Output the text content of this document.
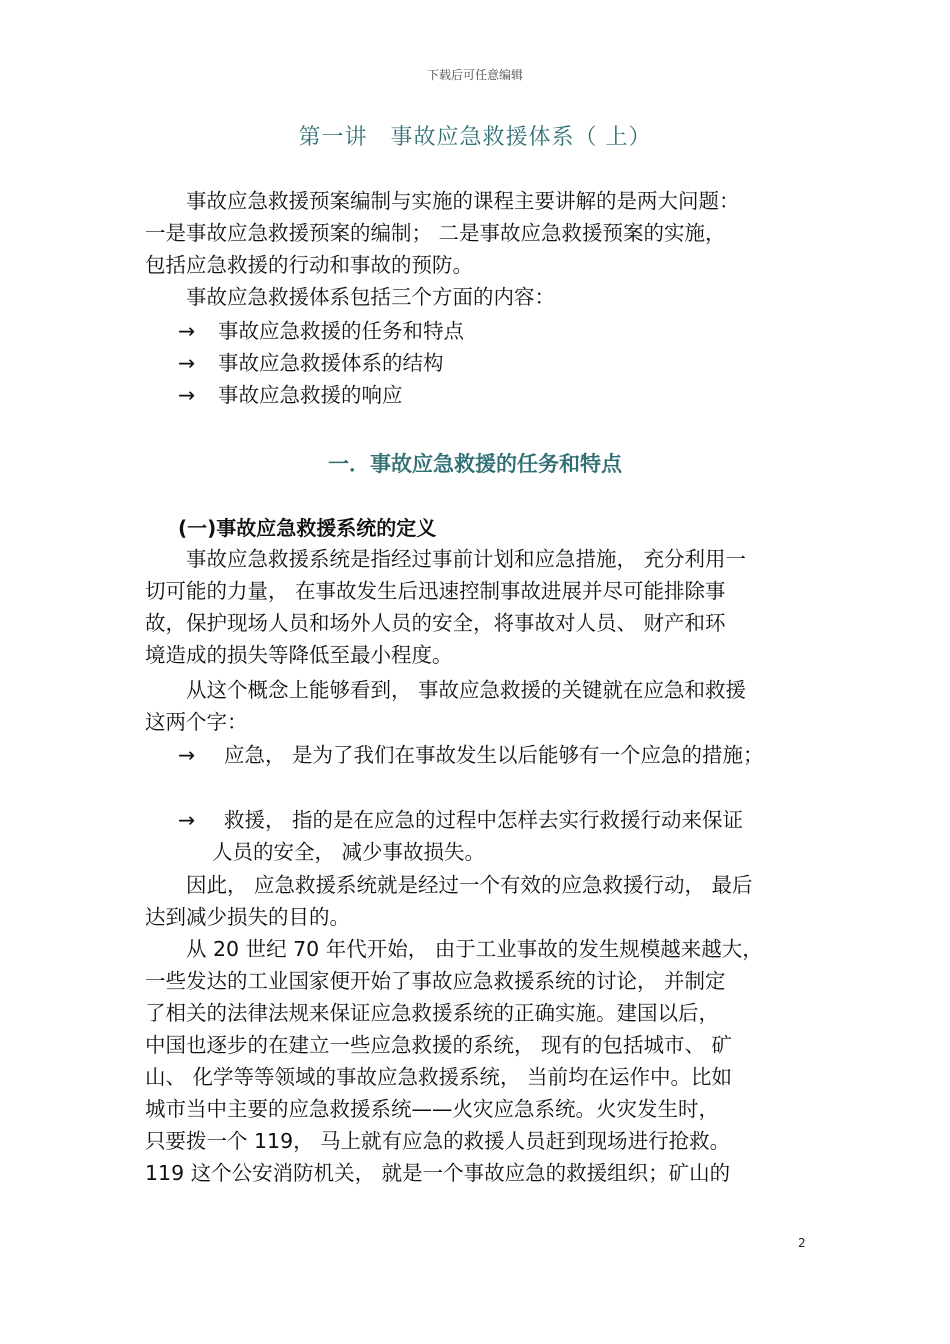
下载后可任意编辑
第一讲　事故应急救援体系（ 上）
　　事故应急救援预案编制与实施的课程主要讲解的是两大问题：
一是事故应急救援预案的编制； 二是事故应急救援预案的实施，
包括应急救援的行动和事故的预防。
　　事故应急救援体系包括三个方面的内容：
→ 事故应急救援的任务和特点
→ 事故应急救援体系的结构
→ 事故应急救援的响应
一．事故应急救援的任务和特点
(一)事故应急救援系统的定义
　　事故应急救援系统是指经过事前计划和应急措施， 充分利用一
切可能的力量， 在事故发生后迅速控制事故进展并尽可能排除事
故，保护现场人员和场外人员的安全，将事故对人员、 财产和环
境造成的损失等降低至最小程度。
　　从这个概念上能够看到， 事故应急救援的关键就在应急和救援
这两个字：
→ 应急， 是为了我们在事故发生以后能够有一个应急的措施；
→ 救援， 指的是在应急的过程中怎样去实行救援行动来保证
人员的安全， 减少事故损失。
　　因此， 应急救援系统就是经过一个有效的应急救援行动， 最后
达到减少损失的目的。
　　从 20 世纪 70 年代开始， 由于工业事故的发生规模越来越大，
一些发达的工业国家便开始了事故应急救援系统的讨论， 并制定
了相关的法律法规来保证应急救援系统的正确实施。建国以后，
中国也逐步的在建立一些应急救援的系统， 现有的包括城市、 矿
山、 化学等等领域的事故应急救援系统， 当前均在运作中。比如
城市当中主要的应急救援系统——火灾应急系统。火灾发生时，
只要拨一个 119， 马上就有应急的救援人员赶到现场进行抢救。
119 这个公安消防机关， 就是一个事故应急的救援组织；矿山的
2
